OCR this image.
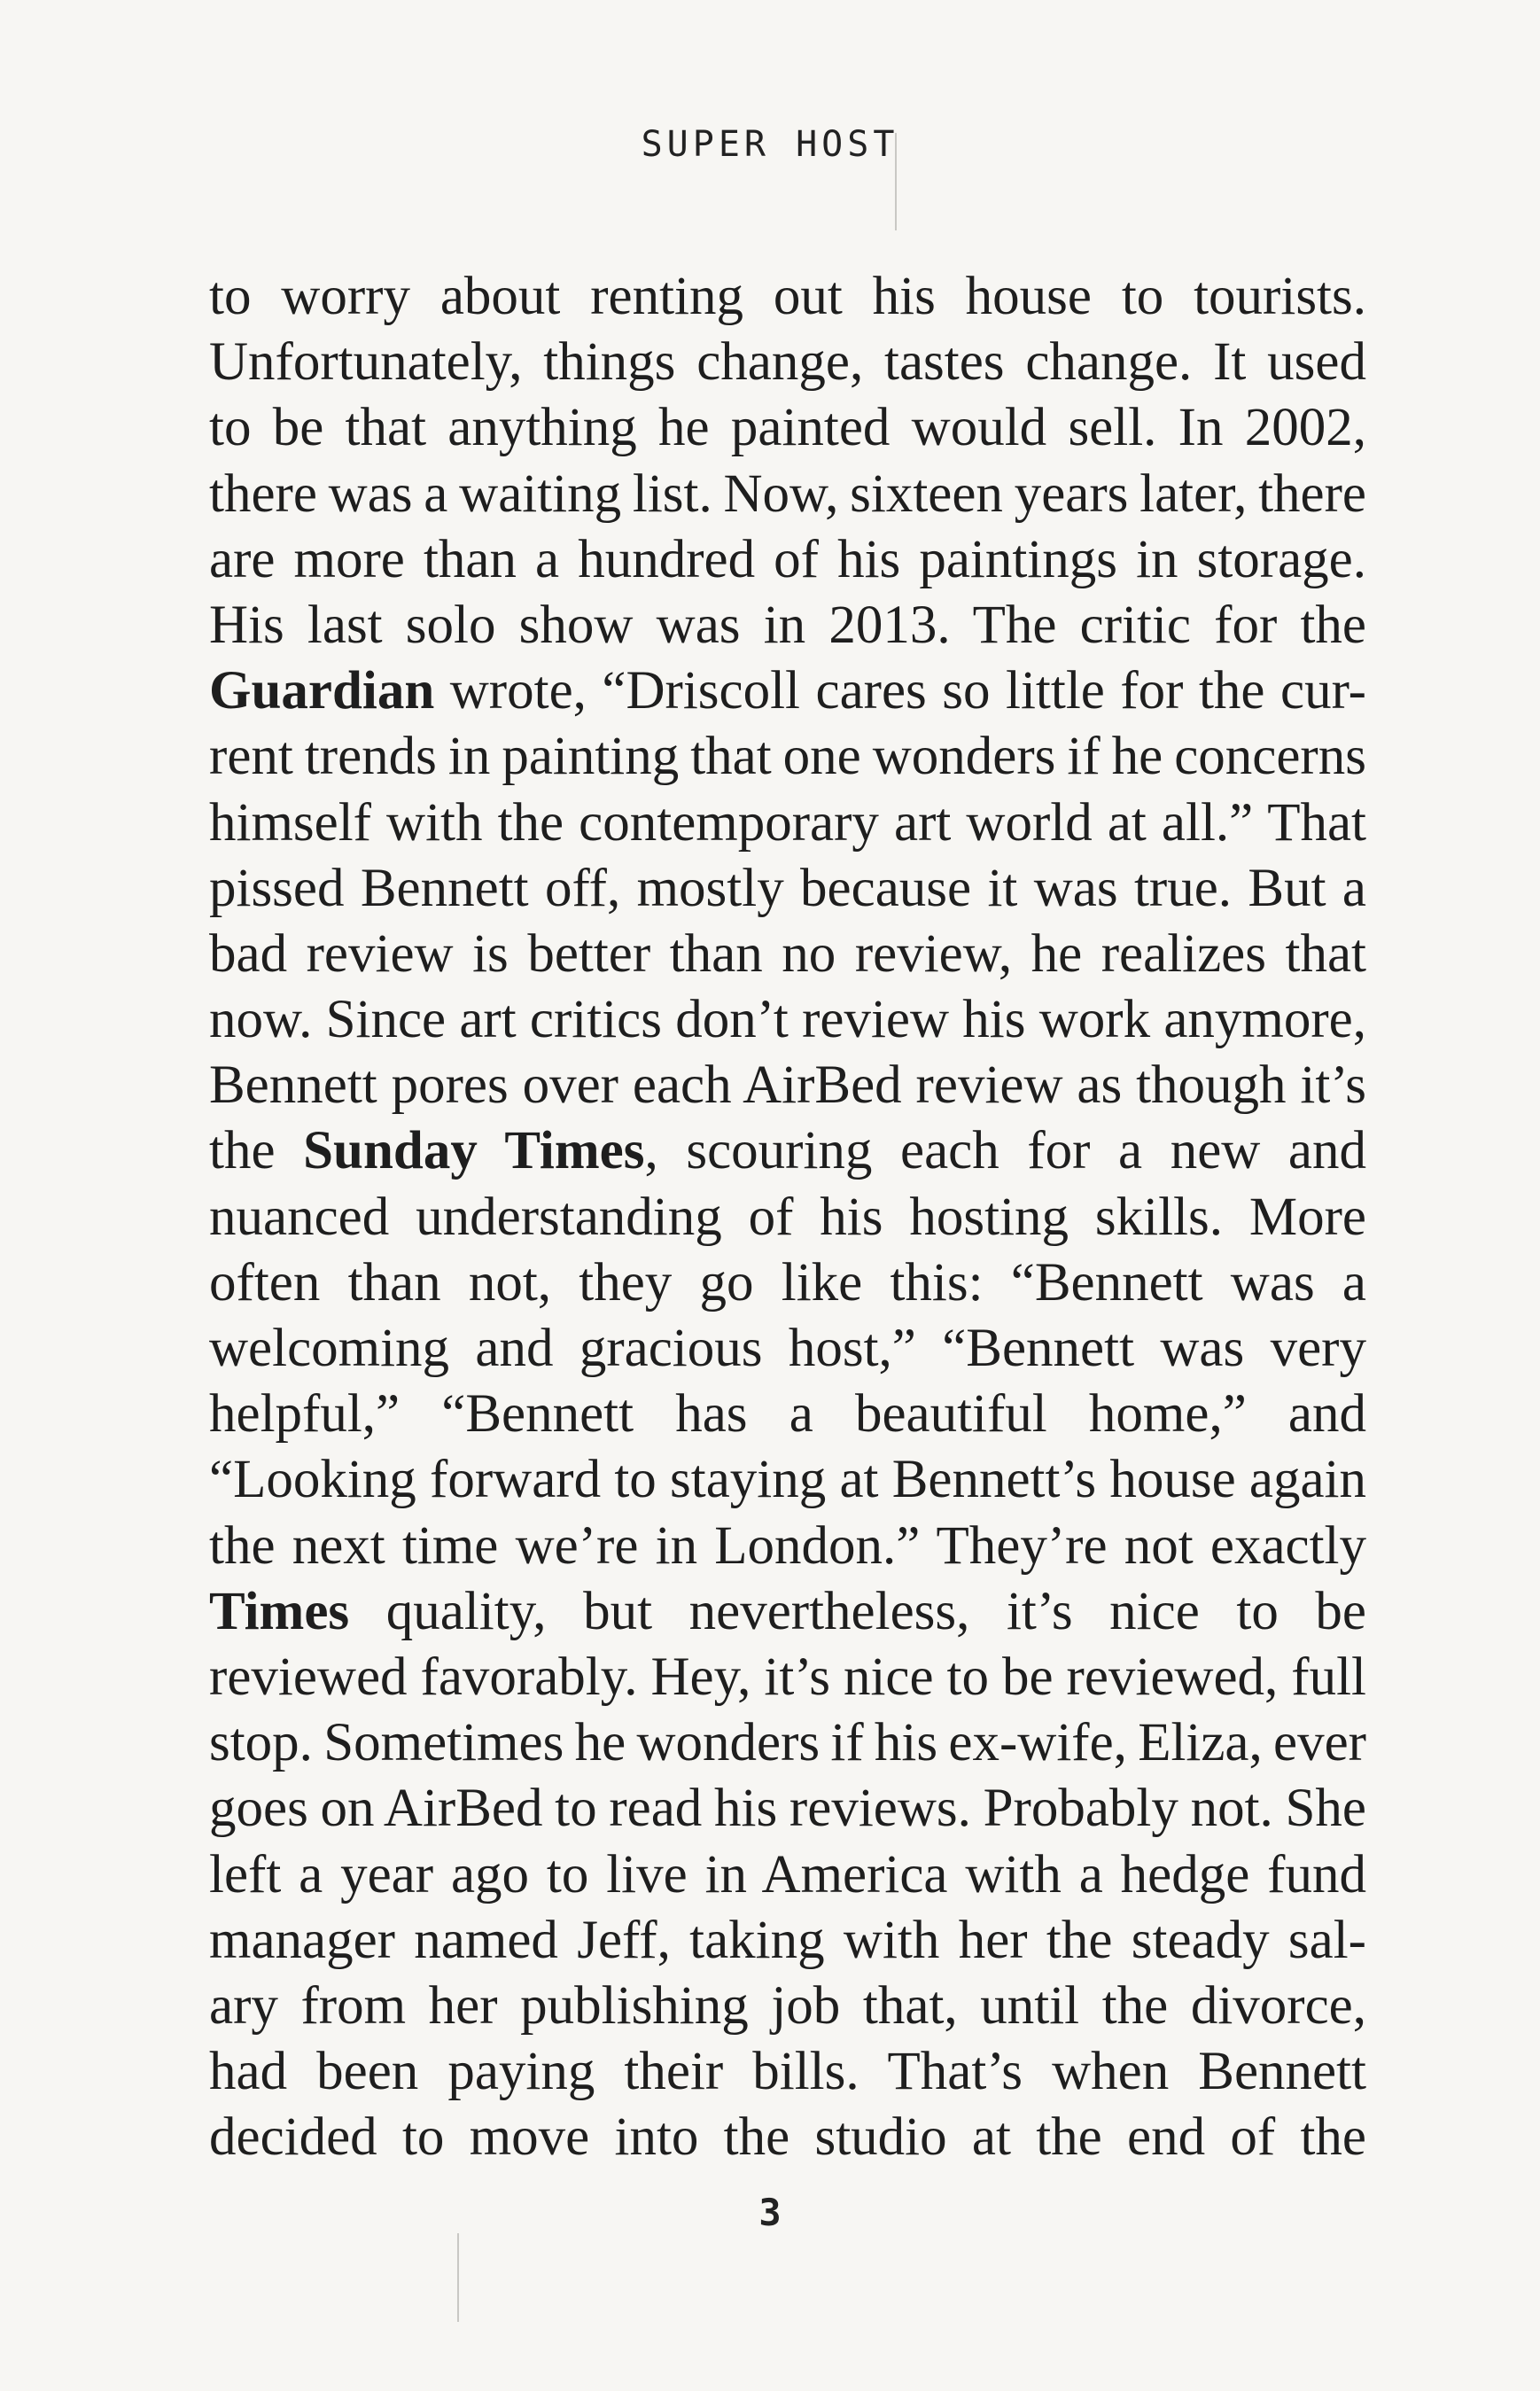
SUPER HOST
to worry about renting out his house to tourists.
Unfortunately, things change, tastes change. It used
to be that anything he painted would sell. In 2002,
there was a waiting list. Now, sixteen years later, there
are more than a hundred of his paintings in storage.
His last solo show was in 2013. The critic for the
Guardian wrote, “Driscoll cares so little for the cur-
rent trends in painting that one wonders if he concerns
himself with the contemporary art world at all.” That
pissed Bennett off, mostly because it was true. But a
bad review is better than no review, he realizes that
now. Since art critics don’t review his work anymore,
Bennett pores over each AirBed review as though it’s
the Sunday Times, scouring each for a new and
nuanced understanding of his hosting skills. More
often than not, they go like this: “Bennett was a
welcoming and gracious host,” “Bennett was very
helpful,” “Bennett has a beautiful home,” and
“Looking forward to staying at Bennett’s house again
the next time we’re in London.” They’re not exactly
Times quality, but nevertheless, it’s nice to be
reviewed favorably. Hey, it’s nice to be reviewed, full
stop. Sometimes he wonders if his ex-wife, Eliza, ever
goes on AirBed to read his reviews. Probably not. She
left a year ago to live in America with a hedge fund
manager named Jeff, taking with her the steady sal-
ary from her publishing job that, until the divorce,
had been paying their bills. That’s when Bennett
decided to move into the studio at the end of the
3
